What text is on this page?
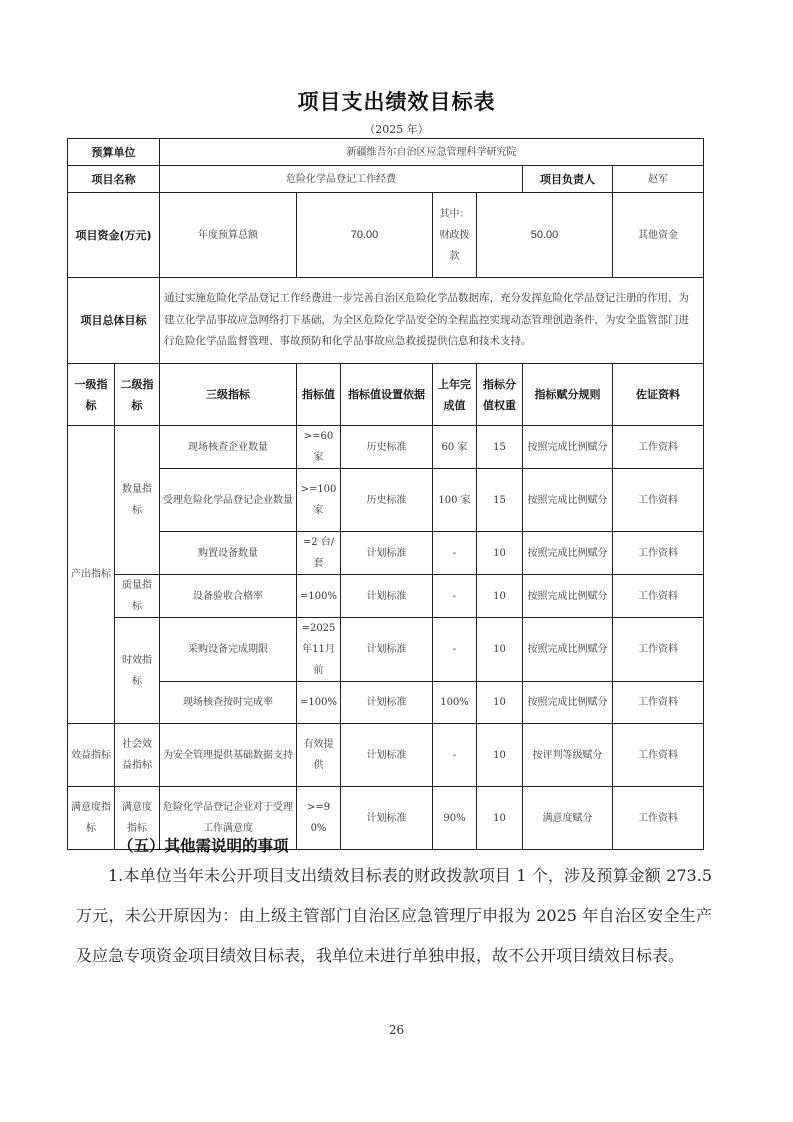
项目支出绩效目标表
（2025 年）
预算单位		新疆维吾尔自治区应急管理科学研究院							
项目名称		危险化学品登记工作经费					项目负责人	赵军	
项目资金(万元)		年度预算总额	70.00		其中：财政拨款	50.00		其他资金	
项目总体目标		通过实施危险化学品登记工作经费进一步完善自治区危险化学品数据库，充分发挥危险化学品登记注册的作用，为建立化学品事故应急网络打下基础，为全区危险化学品安全的全程监控实现动态管理创造条件，为安全监管部门进行危险化学品监督管理、事故预防和化学品事故应急救援提供信息和技术支持。							
一级指标	二级指标	三级指标	指标值	指标值设置依据	上年完成值	指标分值权重	指标赋分规则	佐证资料	
产出指标	数量指标	现场核查企业数量	>=60家	历史标准	60 家	15	按照完成比例赋分	工作资料	
		受理危险化学品登记企业数量	>=100家	历史标准	100 家	15	按照完成比例赋分	工作资料	
		购置设备数量	=2 台/套	计划标准	-	10	按照完成比例赋分	工作资料	
	质量指标	设备验收合格率	=100%	计划标准	-	10	按照完成比例赋分	工作资料	
	时效指标	采购设备完成期限	=2025年11月前	计划标准	-	10	按照完成比例赋分	工作资料	
		现场核查按时完成率	=100%	计划标准	100%	10	按照完成比例赋分	工作资料	
效益指标	社会效益指标	为安全管理提供基础数据支持	有效提供	计划标准	-	10	按评判等级赋分	工作资料	
满意度指标	满意度指标	危险化学品登记企业对于受理工作满意度	>=90%	计划标准	90%	10	满意度赋分	工作资料	
（五）其他需说明的事项
1.本单位当年未公开项目支出绩效目标表的财政拨款项目 1 个，涉及预算金额 273.5 万元，未公开原因为：由上级主管部门自治区应急管理厅申报为 2025 年自治区安全生产及应急专项资金项目绩效目标表，我单位未进行单独申报，故不公开项目绩效目标表。
26
